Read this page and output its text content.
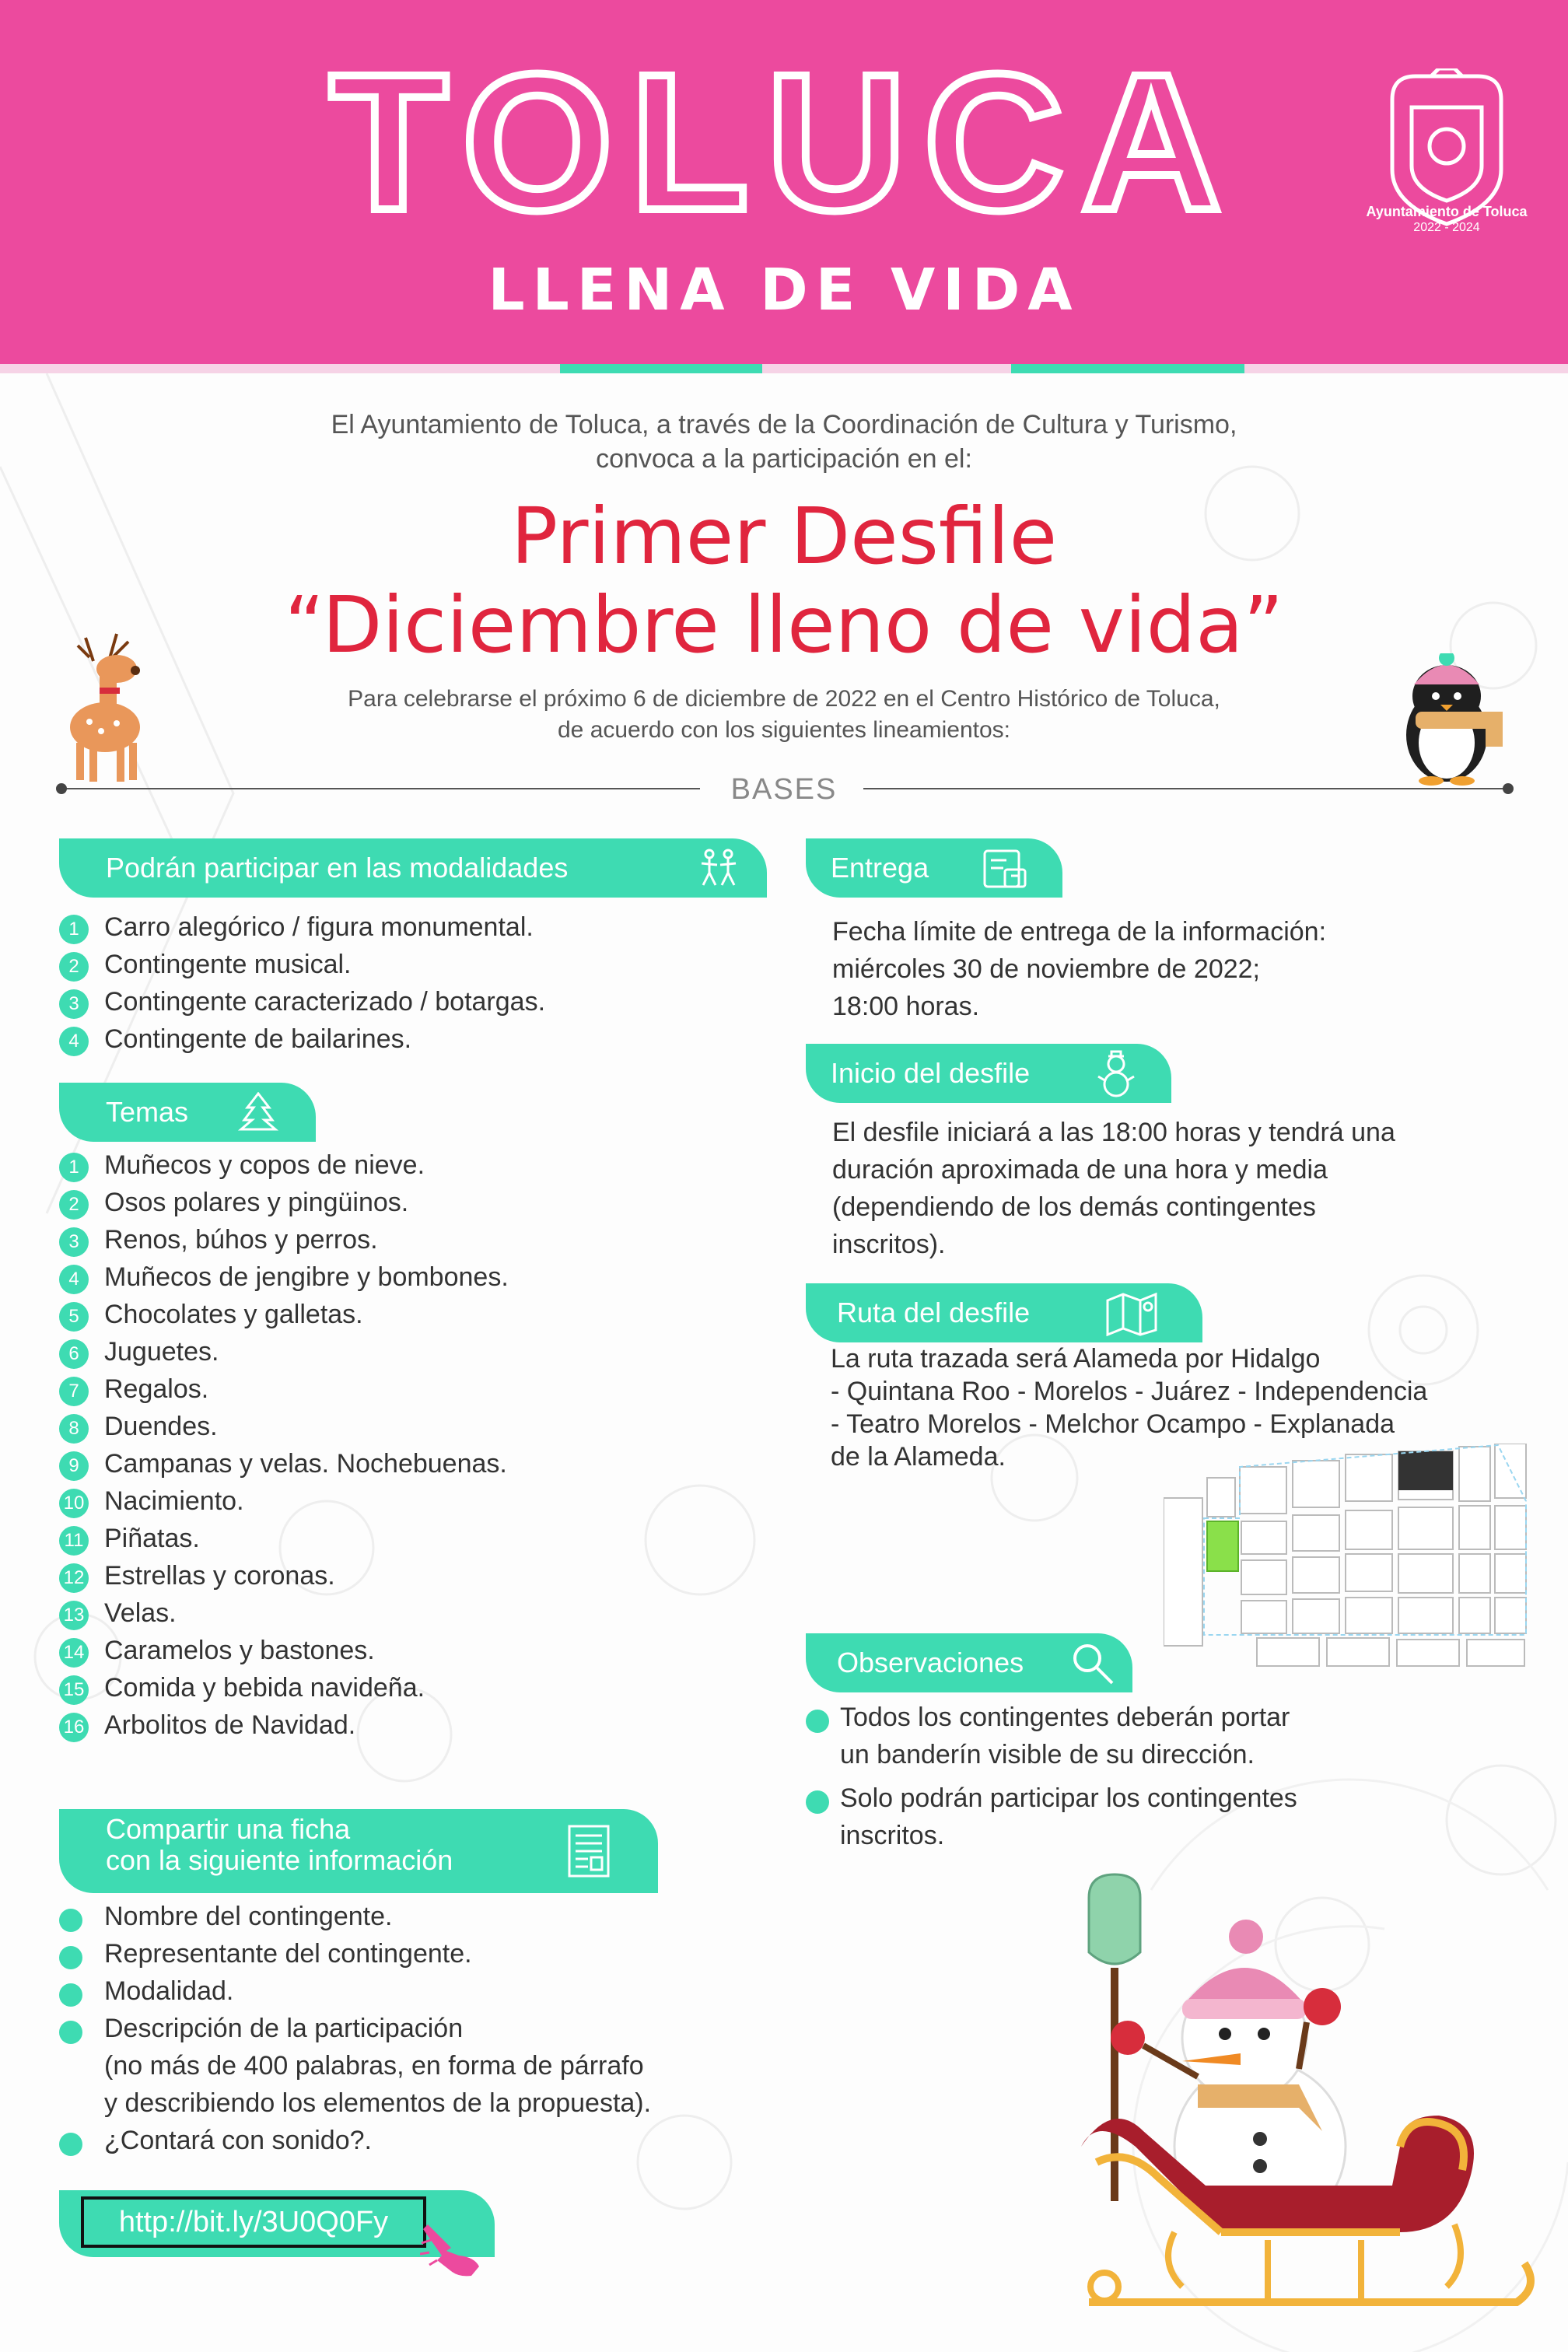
TOLUCA
LLENA DE VIDA
Ayuntamiento de Toluca
2022 - 2024
El Ayuntamiento de Toluca, a través de la Coordinación de Cultura y Turismo,
convoca a la participación en el:
Primer Desfile
“Diciembre lleno de vida”
Para celebrarse el próximo 6 de diciembre de 2022 en el Centro Histórico de Toluca,
de acuerdo con los siguientes lineamientos:
BASES
Podrán participar en las modalidades
1 Carro alegórico / figura monumental.
2 Contingente musical.
3 Contingente caracterizado / botargas.
4 Contingente de bailarines.
Temas
1 Muñecos y copos de nieve.
2 Osos polares y pingüinos.
3 Renos, búhos y perros.
4 Muñecos de jengibre y bombones.
5 Chocolates y galletas.
6 Juguetes.
7 Regalos.
8 Duendes.
9 Campanas y velas. Nochebuenas.
10 Nacimiento.
11 Piñatas.
12 Estrellas y coronas.
13 Velas.
14 Caramelos y bastones.
15 Comida y bebida navideña.
16 Arbolitos de Navidad.
Compartir una ficha
con la siguiente información
Nombre del contingente.
Representante del contingente.
Modalidad.
Descripción de la participación
(no más de 400 palabras, en forma de párrafo
y describiendo los elementos de la propuesta).
¿Contará con sonido?.
http://bit.ly/3U0Q0Fy
Entrega
Fecha límite de entrega de la información:
miércoles 30 de noviembre de 2022;
18:00 horas.
Inicio del desfile
El desfile iniciará a las 18:00 horas y tendrá una
duración aproximada de una hora y media
(dependiendo de los demás contingentes
inscritos).
Ruta del desfile
La ruta trazada será Alameda por Hidalgo
- Quintana Roo - Morelos - Juárez - Independencia
- Teatro Morelos - Melchor Ocampo - Explanada
de la Alameda.
Observaciones
Todos los contingentes deberán portar
un banderín visible de su dirección.
Solo podrán participar los contingentes
inscritos.
